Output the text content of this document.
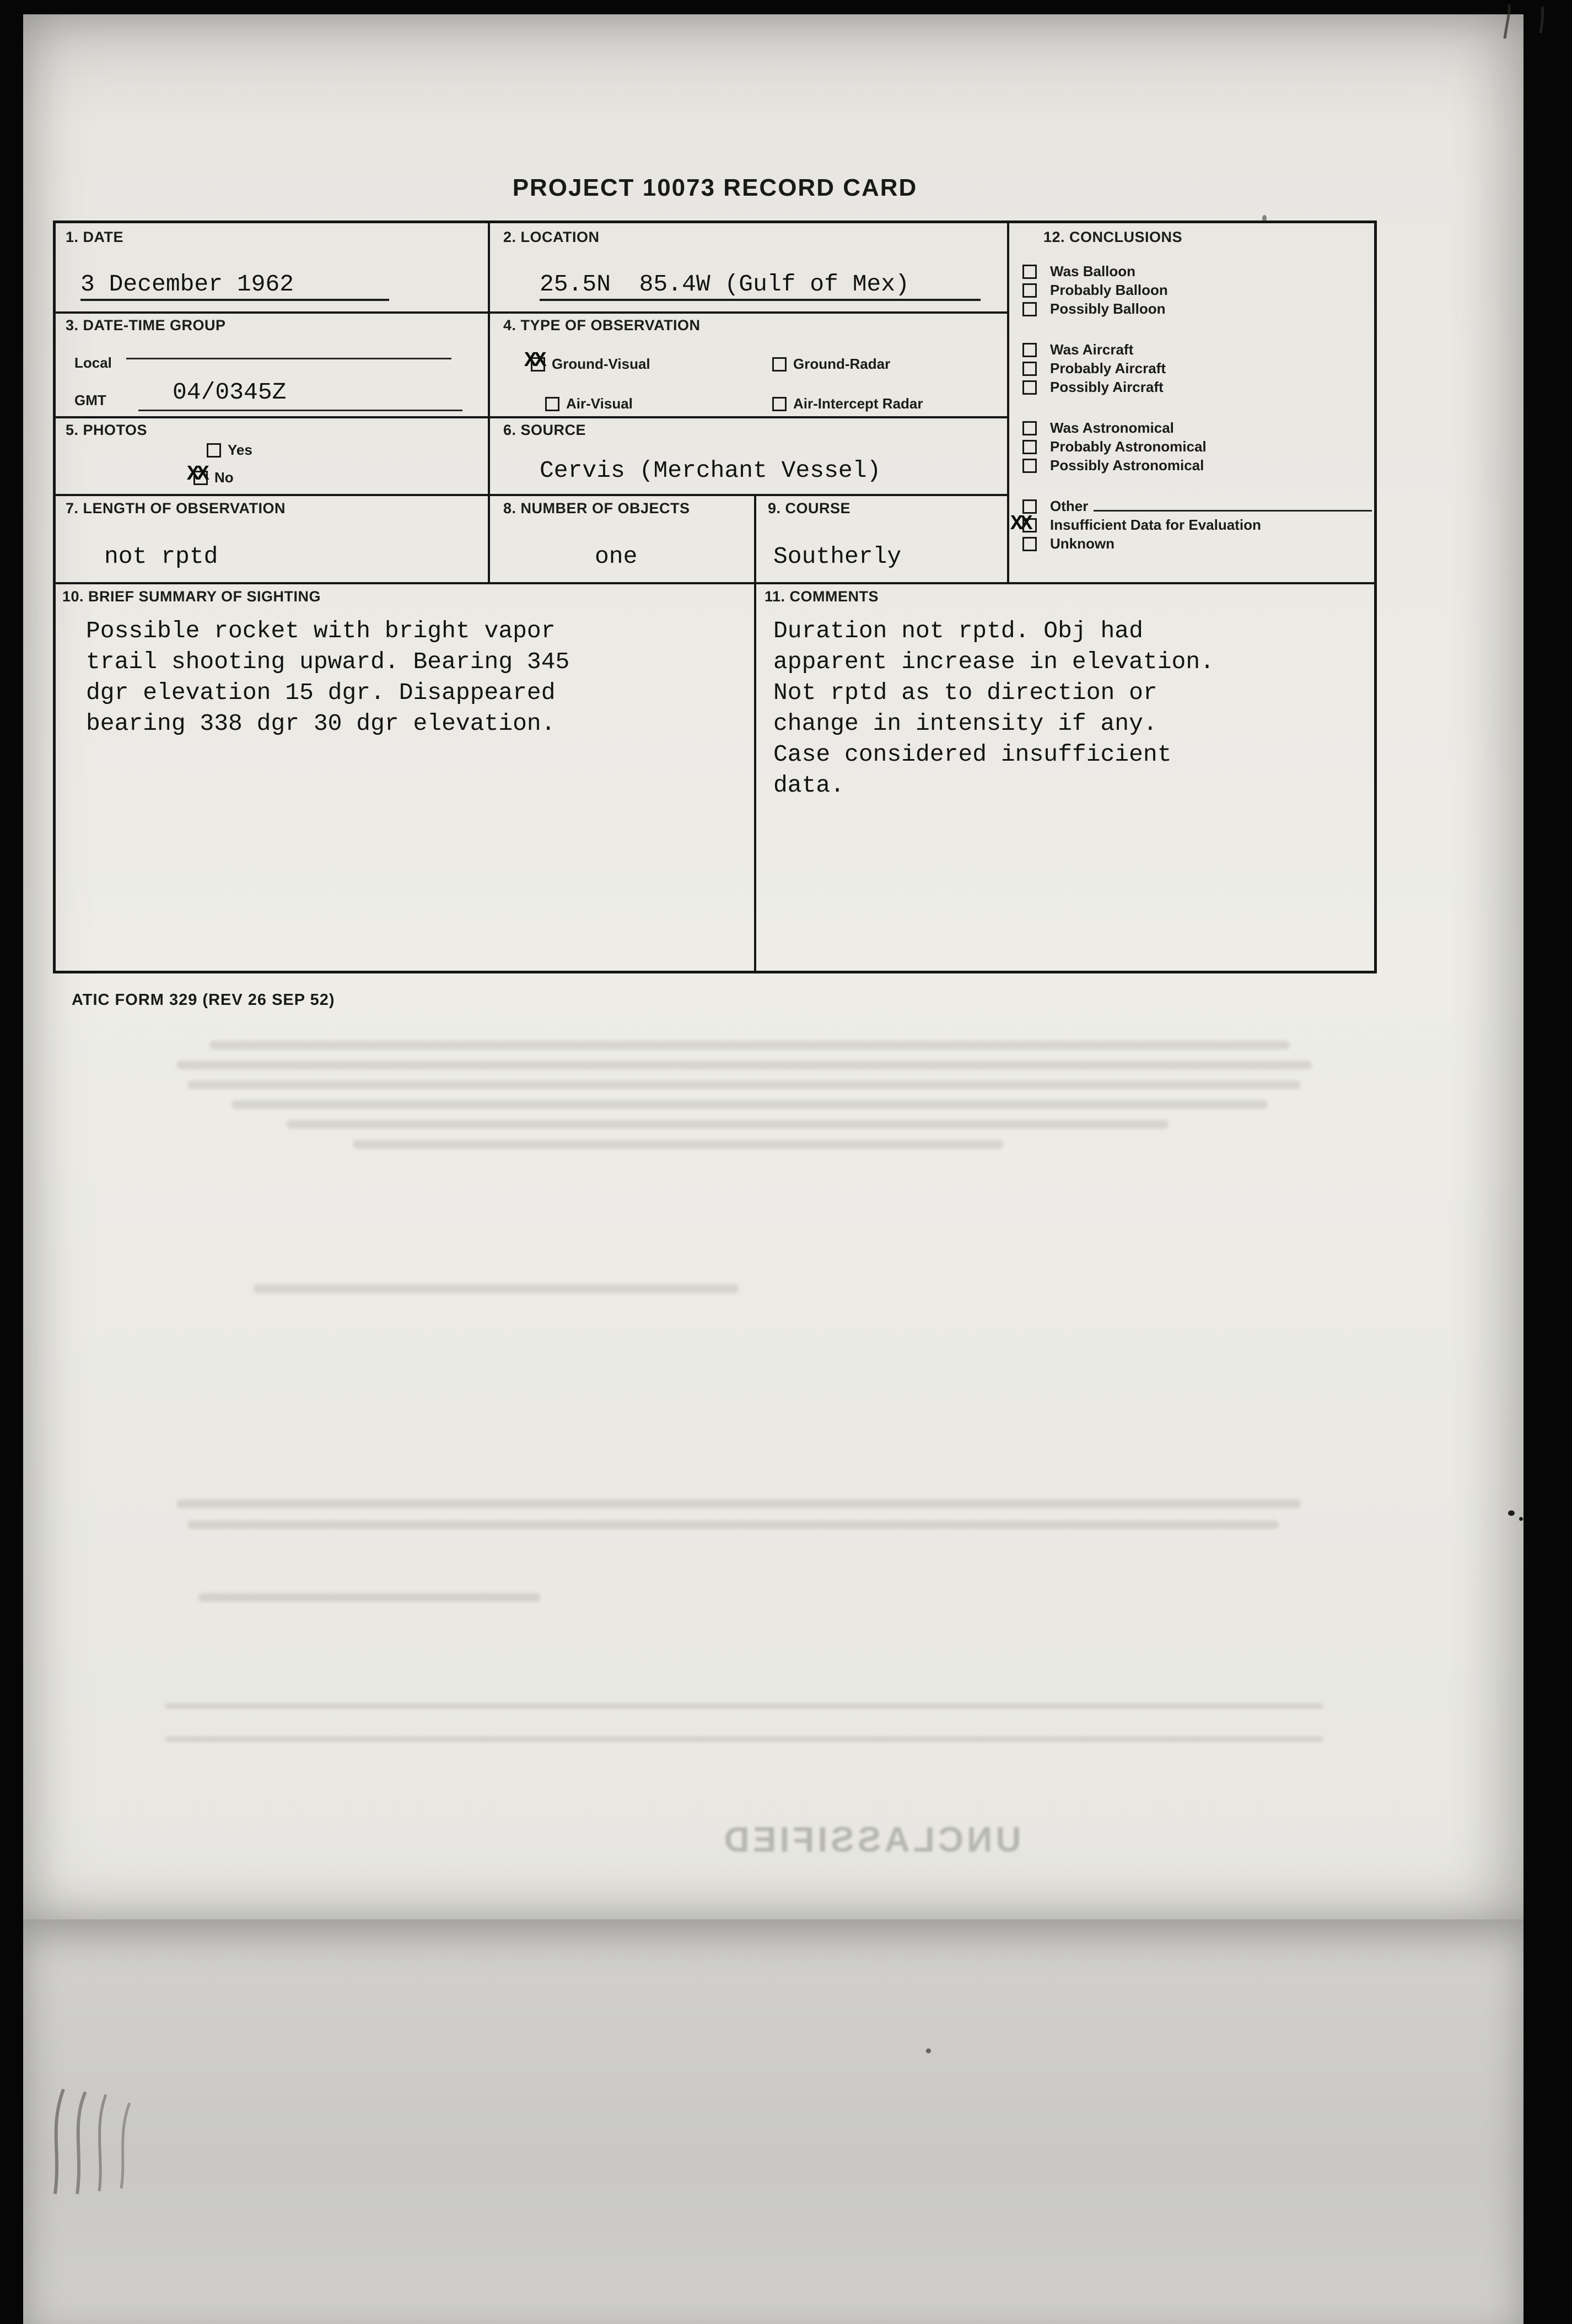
PROJECT 10073 RECORD CARD
1. DATE
3 December 1962
2. LOCATION
25.5N  85.4W (Gulf of Mex)
3. DATE-TIME GROUP
Local
GMT	04/0345Z
4. TYPE OF OBSERVATION
XX Ground-Visual	Ground-Radar
Air-Visual	Air-Intercept Radar
5. PHOTOS
Yes
XX No
6. SOURCE
Cervis (Merchant Vessel)
7. LENGTH OF OBSERVATION
not rptd
8. NUMBER OF OBJECTS
one
9. COURSE
Southerly
10. BRIEF SUMMARY OF SIGHTING
Possible rocket with bright vapor
trail shooting upward. Bearing 345
dgr elevation 15 dgr. Disappeared
bearing 338 dgr 30 dgr elevation.
11. COMMENTS
Duration not rptd. Obj had
apparent increase in elevation.
Not rptd as to direction or
change in intensity if any.
Case considered insufficient
data.
12. CONCLUSIONS
Was Balloon
Probably Balloon
Possibly Balloon
Was Aircraft
Probably Aircraft
Possibly Aircraft
Was Astronomical
Probably Astronomical
Possibly Astronomical
Other
XX Insufficient Data for Evaluation
Unknown
ATIC FORM 329 (REV 26 SEP 52)
UNCLASSIFIED
